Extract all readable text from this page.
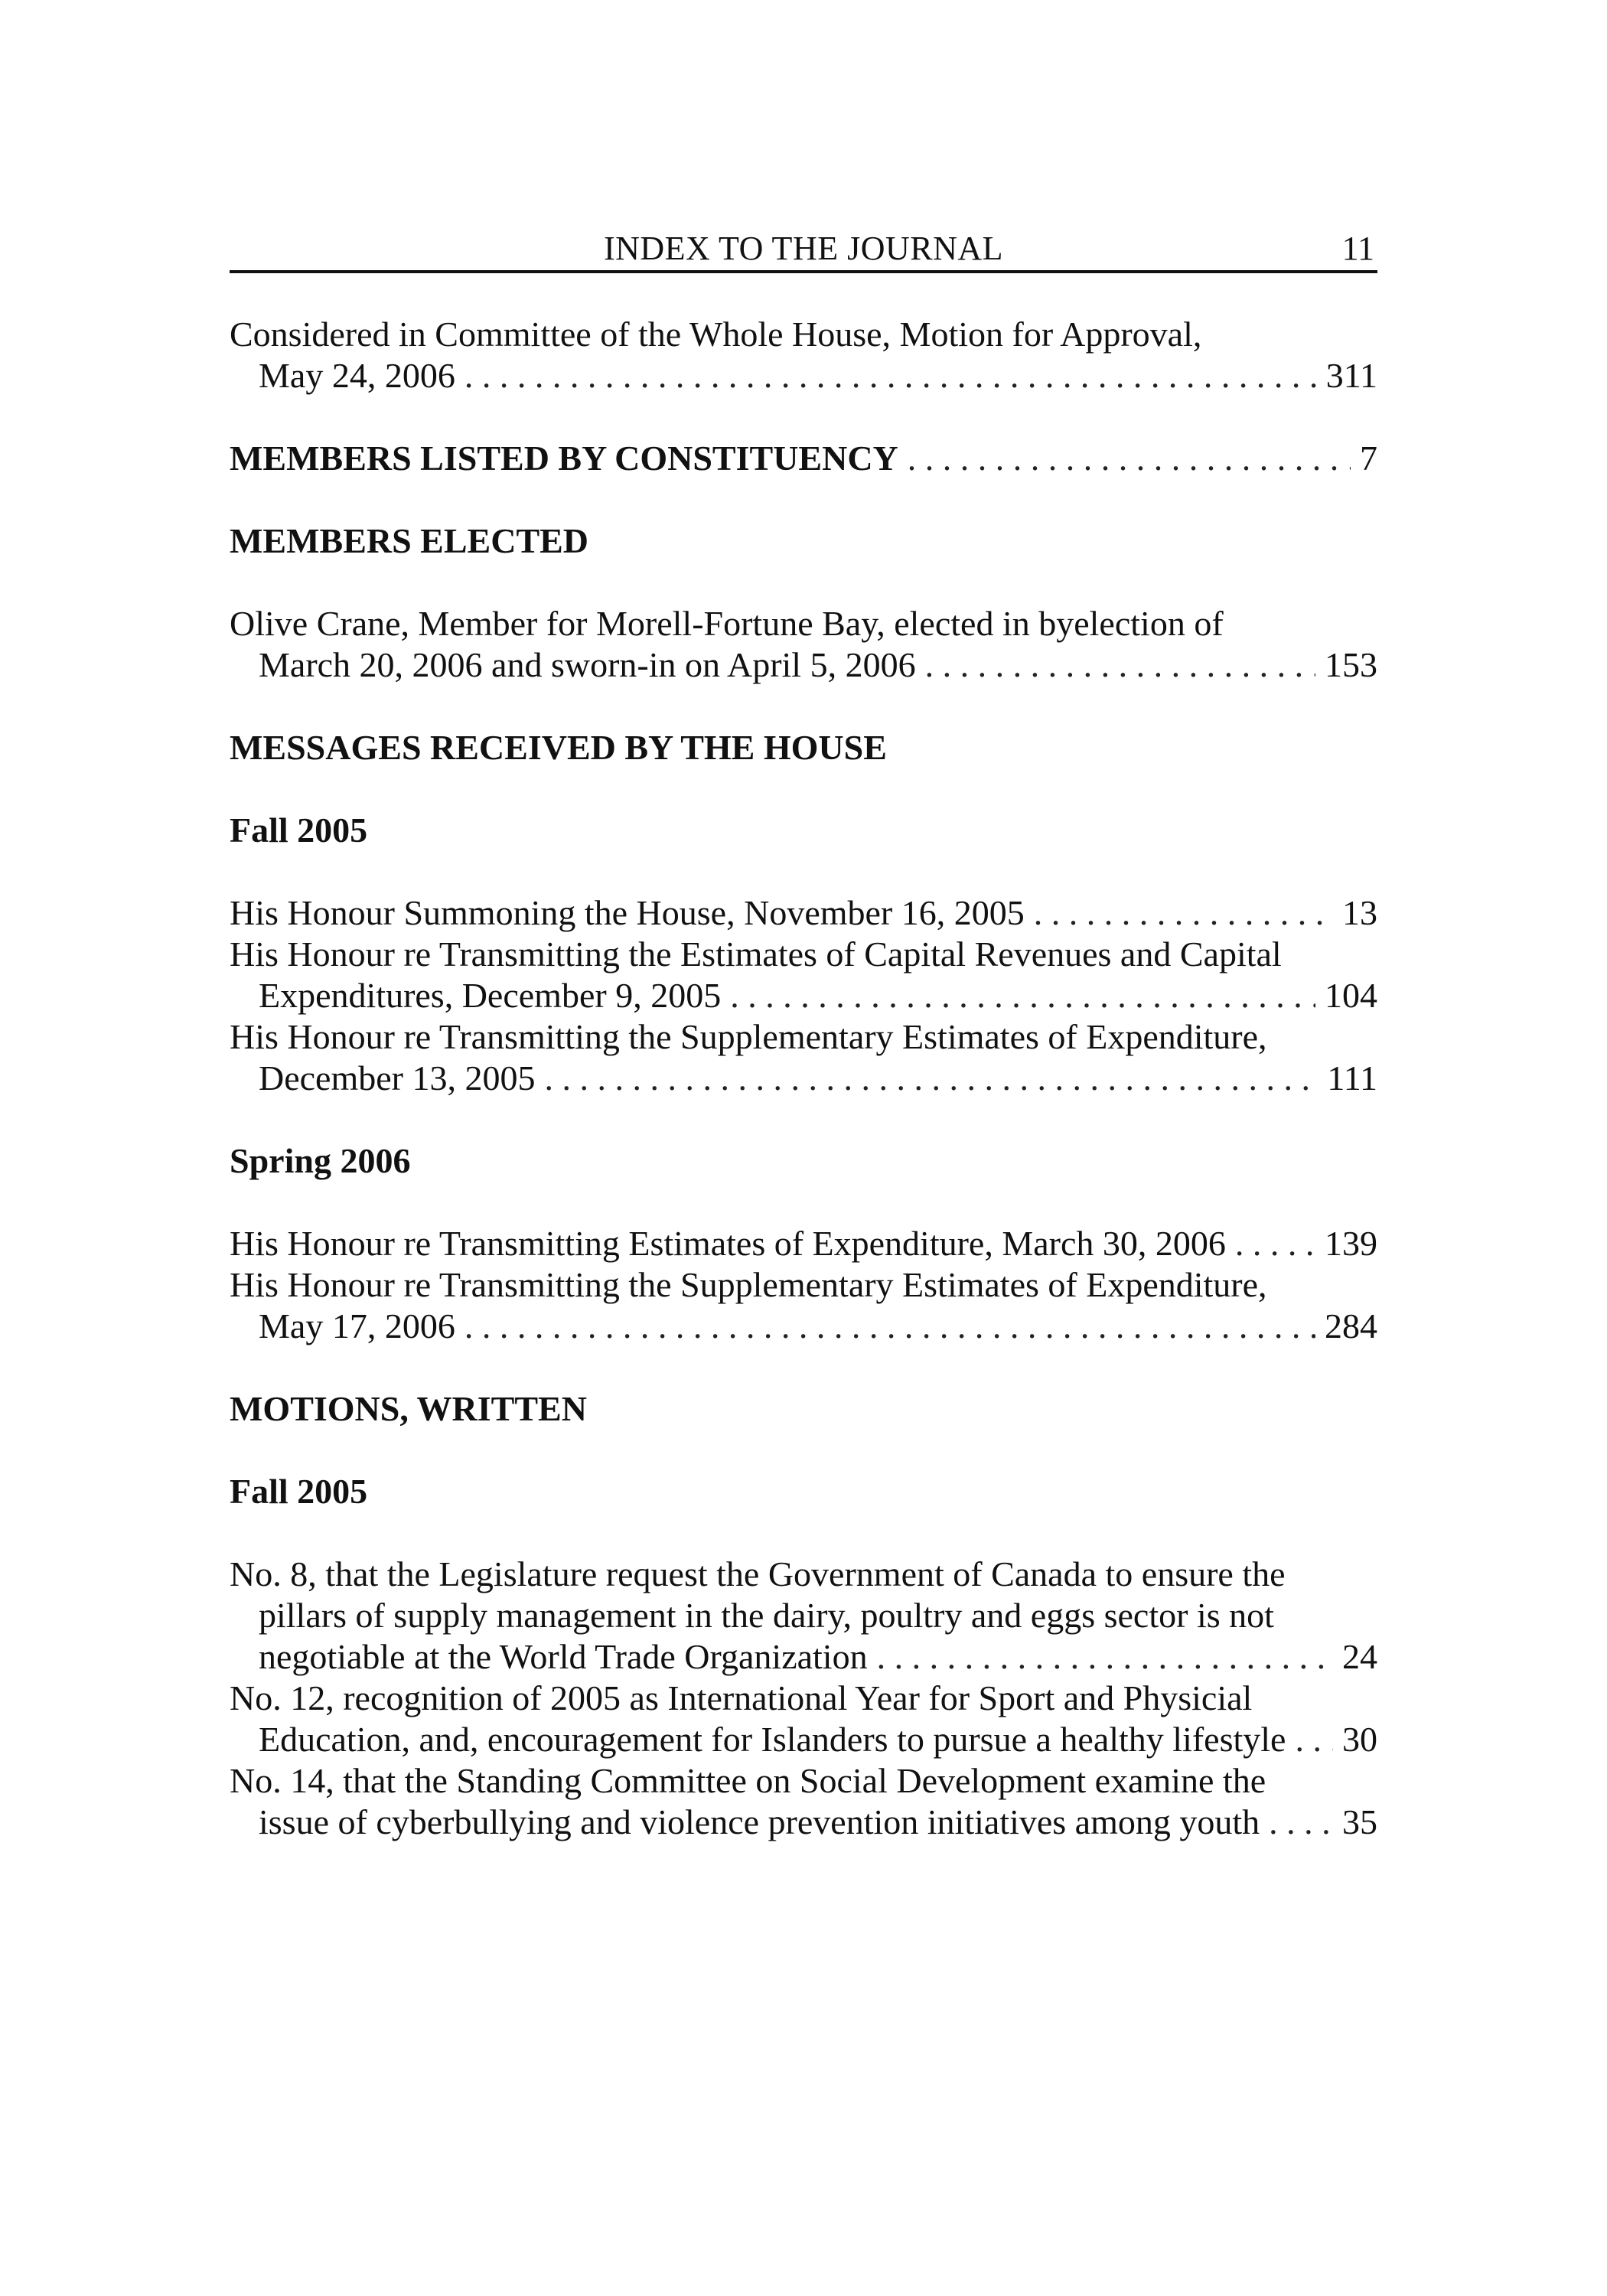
INDEX TO THE JOURNAL	11
Considered in Committee of the Whole House, Motion for Approval,
May 24, 2006 . . .	311
MEMBERS LISTED BY CONSTITUENCY . . .	7
MEMBERS ELECTED
Olive Crane, Member for Morell-Fortune Bay, elected in byelection of
March 20, 2006 and sworn-in on April 5, 2006 . . .	153
MESSAGES RECEIVED BY THE HOUSE
Fall 2005
His Honour Summoning the House, November 16, 2005 . . .	13
His Honour re Transmitting the Estimates of Capital Revenues and Capital
Expenditures, December 9, 2005 . . .	104
His Honour re Transmitting the Supplementary Estimates of Expenditure,
December 13, 2005 . . .	111
Spring 2006
His Honour re Transmitting Estimates of Expenditure, March 30, 2006 . . .	139
His Honour re Transmitting the Supplementary Estimates of Expenditure,
May 17, 2006 . . .	284
MOTIONS, WRITTEN
Fall 2005
No. 8, that the Legislature request the Government of Canada to ensure the
pillars of supply management in the dairy, poultry and eggs sector is not
negotiable at the World Trade Organization . . .	24
No. 12, recognition of 2005 as International Year for Sport and Physicial
Education, and, encouragement for Islanders to pursue a healthy lifestyle . . . 30
No. 14, that the Standing Committee on Social Development examine the
issue of cyberbullying and violence prevention initiatives among youth . . . 35
